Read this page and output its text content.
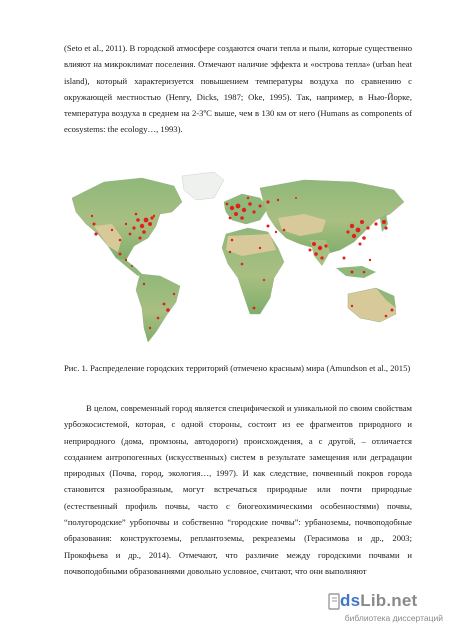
(Seto et al., 2011). В городской атмосфере создаются очаги тепла и пыли, которые существенно влияют на микроклимат поселения. Отмечают наличие эффекта и «острова тепла» (urban heat island), который характеризуется повышением температуры воздуха по сравнению с окружающей местностью (Henry, Dicks, 1987; Oke, 1995). Так, например, в Нью-Йорке, температура воздуха в среднем на 2-3ºС выше, чем в 130 км от него (Humans as components of ecosystems: the ecology…, 1993).

Рис. 1. Распределение городских территорий (отмечено красным) мира (Amundson et al., 2015)

В целом, современный город является специфической и уникальной по своим свойствам урбоэкосистемой, которая, с одной стороны, состоит из ее фрагментов природного и неприродного (дома, промзоны, автодороги) происхождения, а с другой, – отличается созданием антропогенных (искусственных) систем в результате замещения или деградации природных (Почва, город, экология…, 1997). И как следствие, почвенный покров города становится разнообразным, могут встречаться природные или почти природные (естественный профиль почвы, часто с биогеохимическими особенностями) почвы, “полугородские” урбопочвы и собственно “городские почвы”: урбаноземы, почвоподобные образования: конструктоземы, реплантоземы, рекреаземы (Герасимова и др., 2003; Прокофьева и др., 2014). Отмечают, что различие между городскими почвами и почвоподобными образованиями довольно условное, считают, что они выполняют

dsLib.net
библиотека диссертаций
